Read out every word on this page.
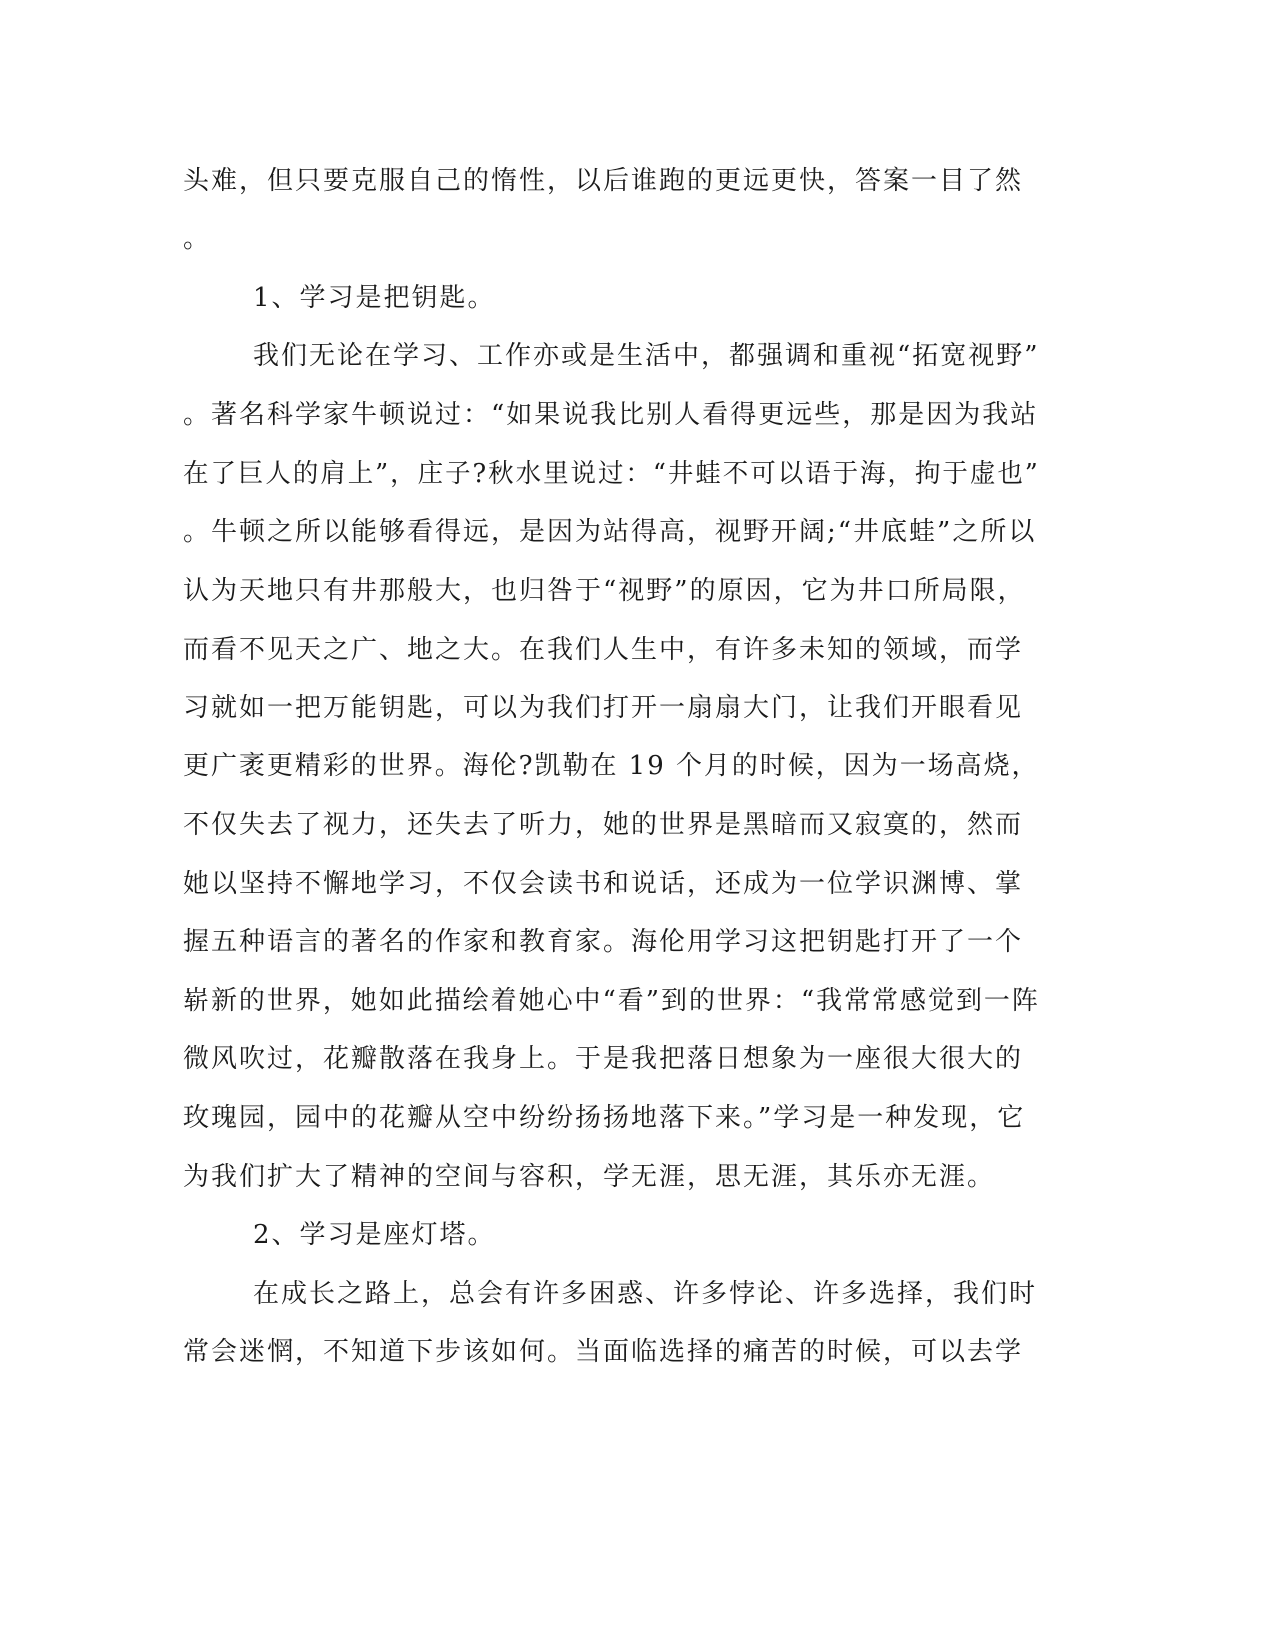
头难，但只要克服自己的惰性，以后谁跑的更远更快，答案一目了然
。
1、学习是把钥匙。
我们无论在学习、工作亦或是生活中，都强调和重视“拓宽视野”
。著名科学家牛顿说过：“如果说我比别人看得更远些，那是因为我站
在了巨人的肩上”，庄子?秋水里说过：“井蛙不可以语于海，拘于虚也”
。牛顿之所以能够看得远，是因为站得高，视野开阔;“井底蛙”之所以
认为天地只有井那般大，也归咎于“视野”的原因，它为井口所局限，
而看不见天之广、地之大。在我们人生中，有许多未知的领域，而学
习就如一把万能钥匙，可以为我们打开一扇扇大门，让我们开眼看见
更广袤更精彩的世界。海伦?凯勒在 19 个月的时候，因为一场高烧，
不仅失去了视力，还失去了听力，她的世界是黑暗而又寂寞的，然而
她以坚持不懈地学习，不仅会读书和说话，还成为一位学识渊博、掌
握五种语言的著名的作家和教育家。海伦用学习这把钥匙打开了一个
崭新的世界，她如此描绘着她心中“看”到的世界：“我常常感觉到一阵
微风吹过，花瓣散落在我身上。于是我把落日想象为一座很大很大的
玫瑰园，园中的花瓣从空中纷纷扬扬地落下来。”学习是一种发现，它
为我们扩大了精神的空间与容积，学无涯，思无涯，其乐亦无涯。
2、学习是座灯塔。
在成长之路上，总会有许多困惑、许多悖论、许多选择，我们时
常会迷惘，不知道下步该如何。当面临选择的痛苦的时候，可以去学
